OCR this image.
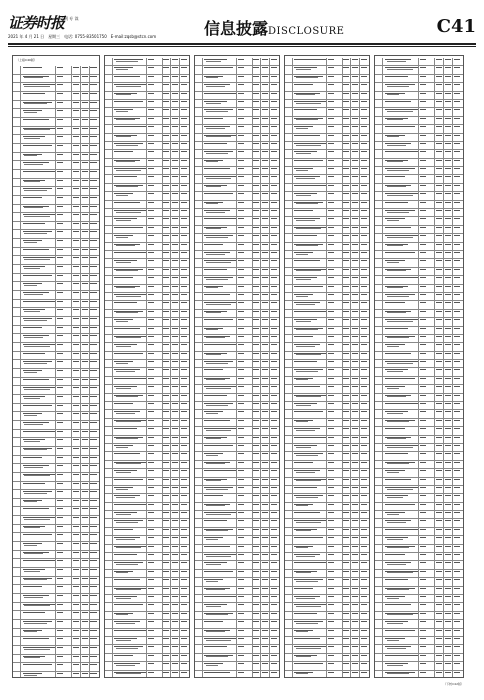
证券时报
创刊 专 读
2021 年 4 月 21 日　星期三　电话: 0755-83501750　E-mail:zqsb@stcn.com	信息披露DISCLOSURE	C41
（上接C40版）
（下转C42版）
